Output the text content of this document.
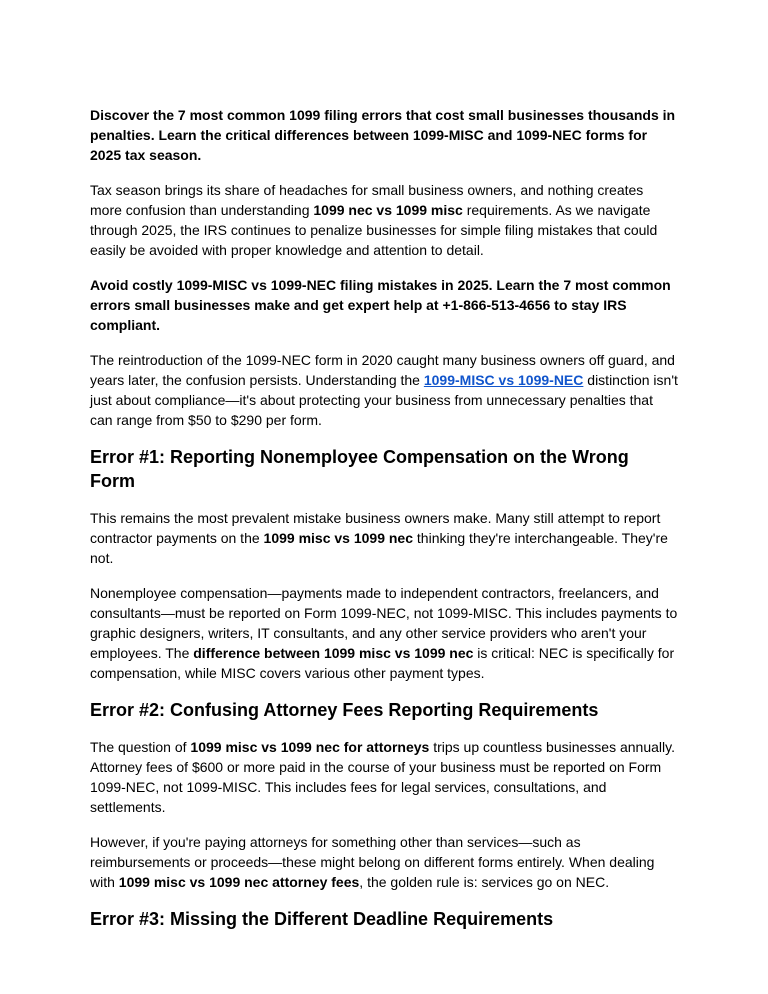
Discover the 7 most common 1099 filing errors that cost small businesses thousands in penalties. Learn the critical differences between 1099-MISC and 1099-NEC forms for 2025 tax season.

Tax season brings its share of headaches for small business owners, and nothing creates more confusion than understanding 1099 nec vs 1099 misc requirements. As we navigate through 2025, the IRS continues to penalize businesses for simple filing mistakes that could easily be avoided with proper knowledge and attention to detail.

Avoid costly 1099-MISC vs 1099-NEC filing mistakes in 2025. Learn the 7 most common errors small businesses make and get expert help at +1-866-513-4656 to stay IRS compliant.

The reintroduction of the 1099-NEC form in 2020 caught many business owners off guard, and years later, the confusion persists. Understanding the 1099-MISC vs 1099-NEC distinction isn't just about compliance—it's about protecting your business from unnecessary penalties that can range from $50 to $290 per form.

Error #1: Reporting Nonemployee Compensation on the Wrong Form

This remains the most prevalent mistake business owners make. Many still attempt to report contractor payments on the 1099 misc vs 1099 nec thinking they're interchangeable. They're not.

Nonemployee compensation—payments made to independent contractors, freelancers, and consultants—must be reported on Form 1099-NEC, not 1099-MISC. This includes payments to graphic designers, writers, IT consultants, and any other service providers who aren't your employees. The difference between 1099 misc vs 1099 nec is critical: NEC is specifically for compensation, while MISC covers various other payment types.

Error #2: Confusing Attorney Fees Reporting Requirements

The question of 1099 misc vs 1099 nec for attorneys trips up countless businesses annually. Attorney fees of $600 or more paid in the course of your business must be reported on Form 1099-NEC, not 1099-MISC. This includes fees for legal services, consultations, and settlements.

However, if you're paying attorneys for something other than services—such as reimbursements or proceeds—these might belong on different forms entirely. When dealing with 1099 misc vs 1099 nec attorney fees, the golden rule is: services go on NEC.

Error #3: Missing the Different Deadline Requirements
